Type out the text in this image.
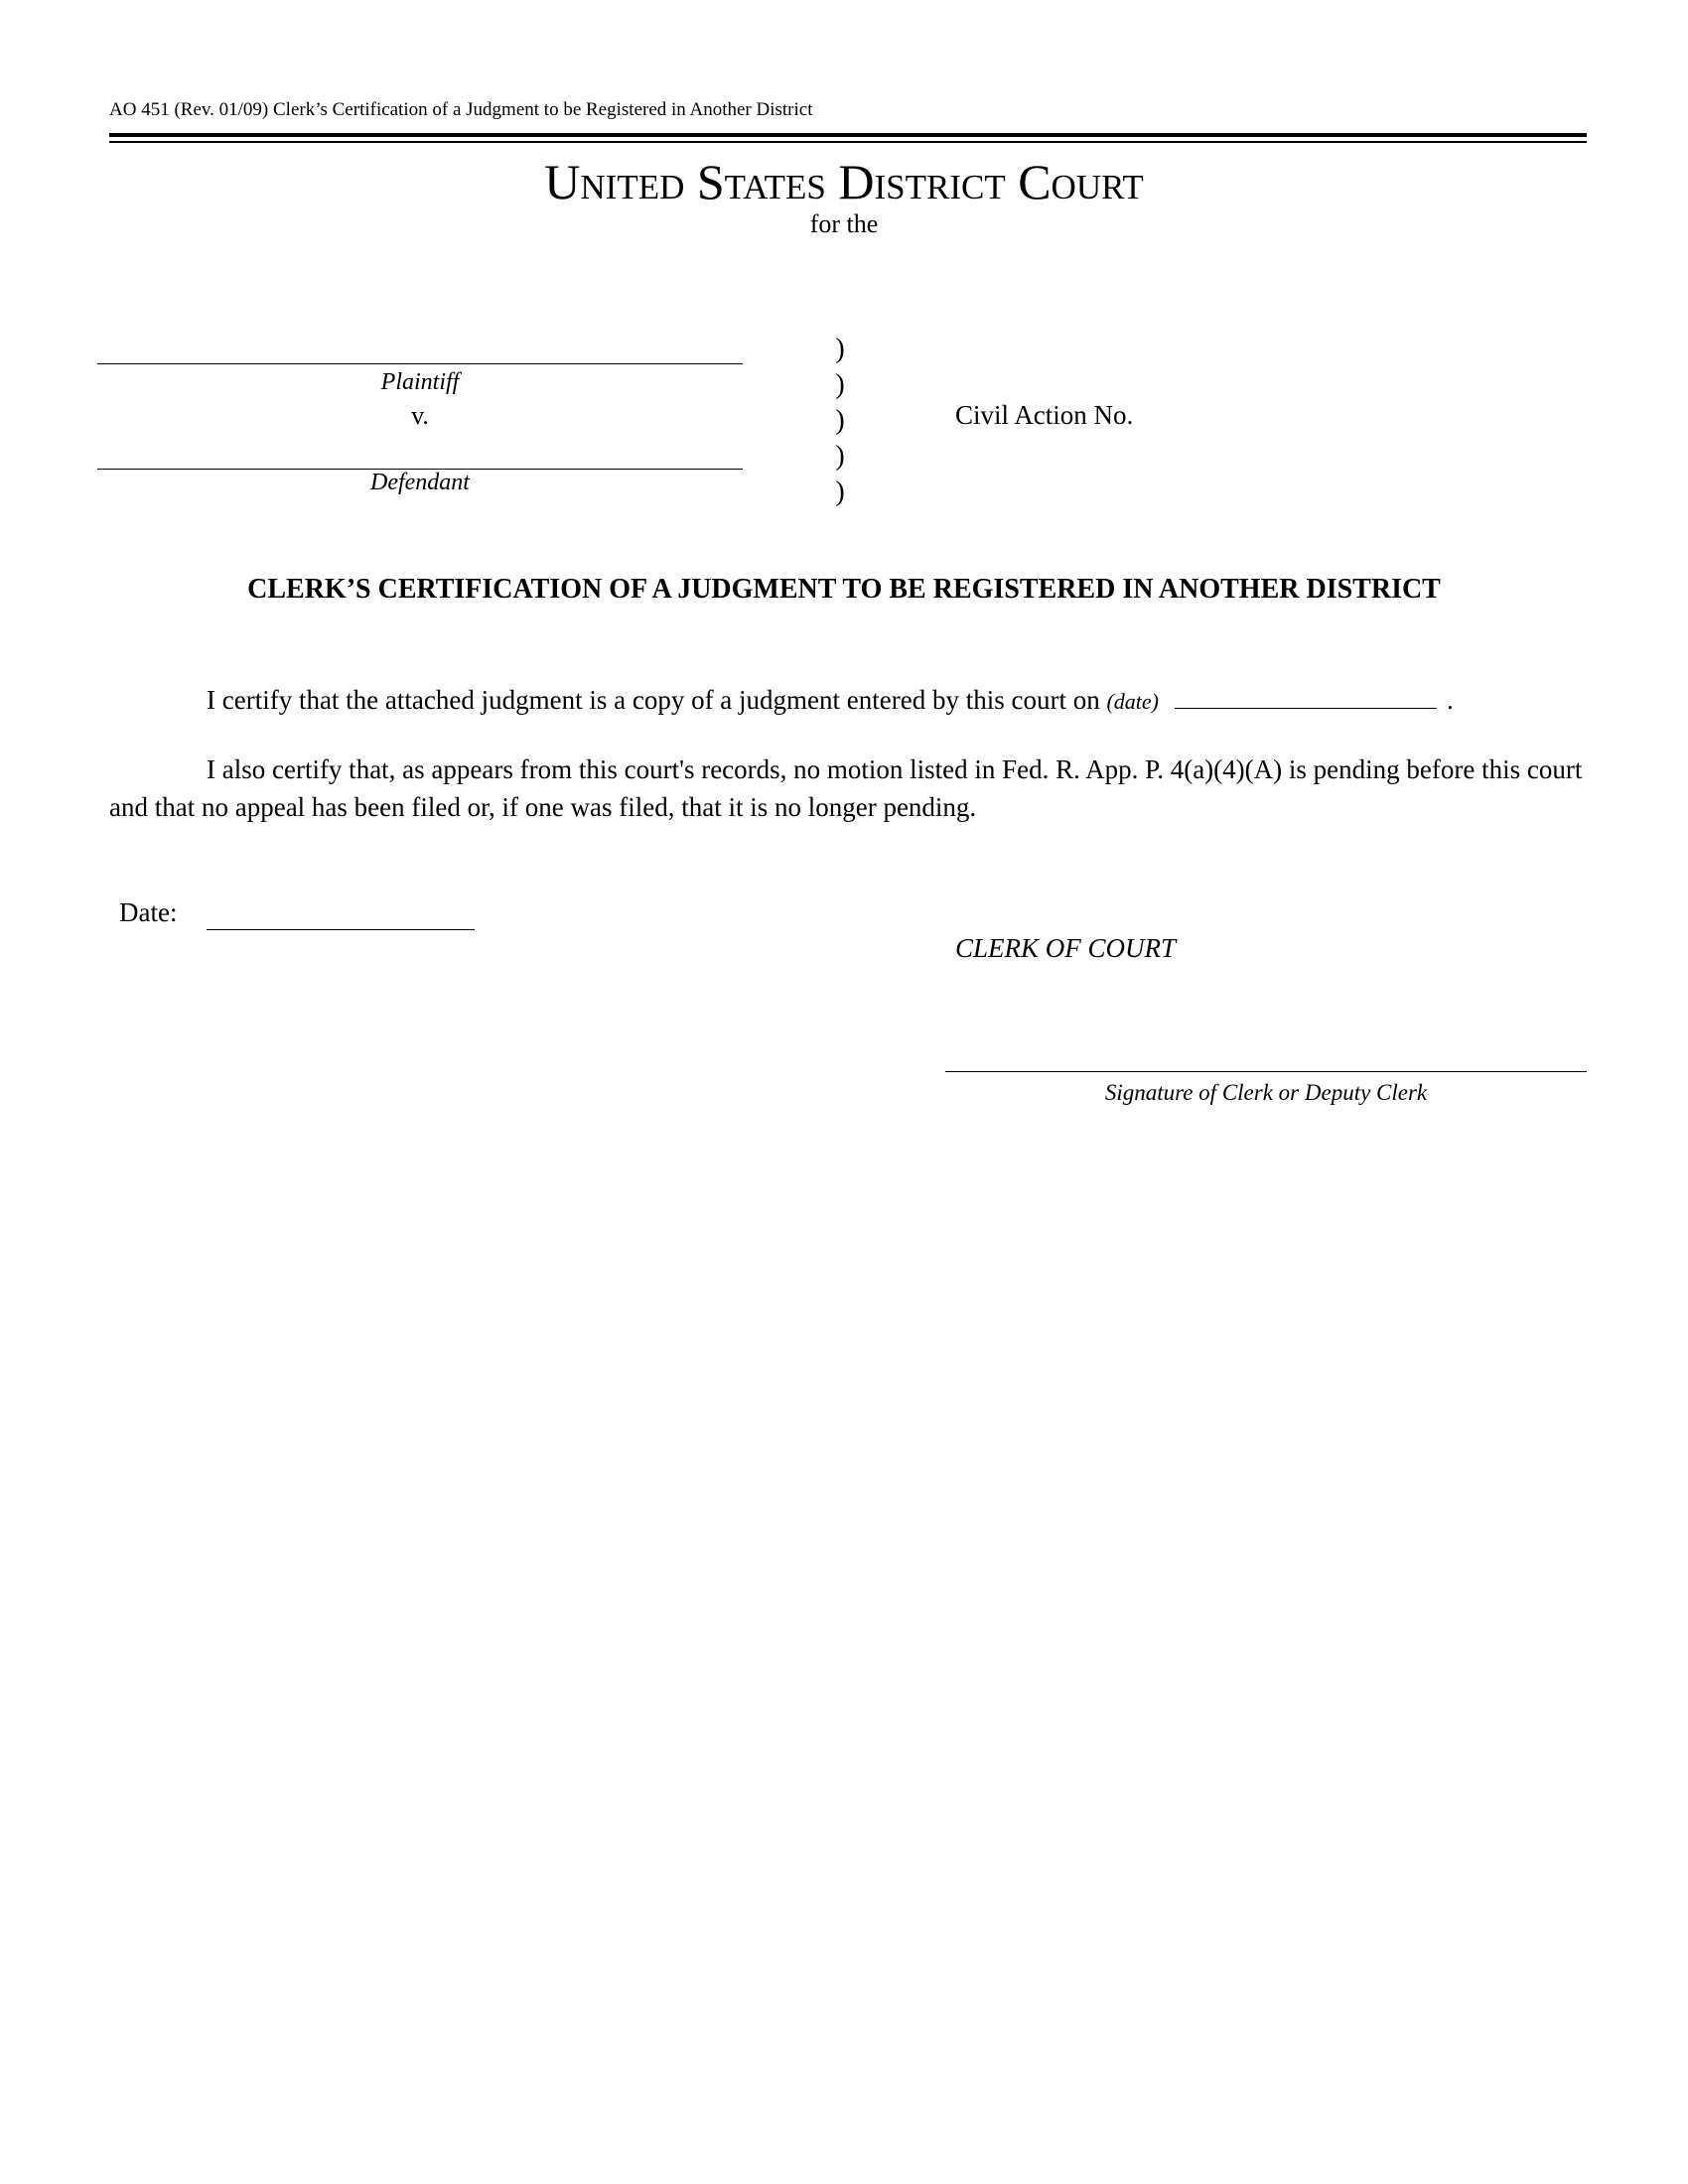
AO 451 (Rev. 01/09) Clerk’s Certification of a Judgment to be Registered in Another District
United States District Court
for the
Plaintiff
v.
Defendant
)
)
)
)
)
Civil Action No.
CLERK’S CERTIFICATION OF A JUDGMENT TO BE REGISTERED IN ANOTHER DISTRICT
I certify that the attached judgment is a copy of a judgment entered by this court on (date)	.
I also certify that, as appears from this court's records, no motion listed in Fed. R. App. P. 4(a)(4)(A) is pending before this court and that no appeal has been filed or, if one was filed, that it is no longer pending.
Date:
CLERK OF COURT
Signature of Clerk or Deputy Clerk
